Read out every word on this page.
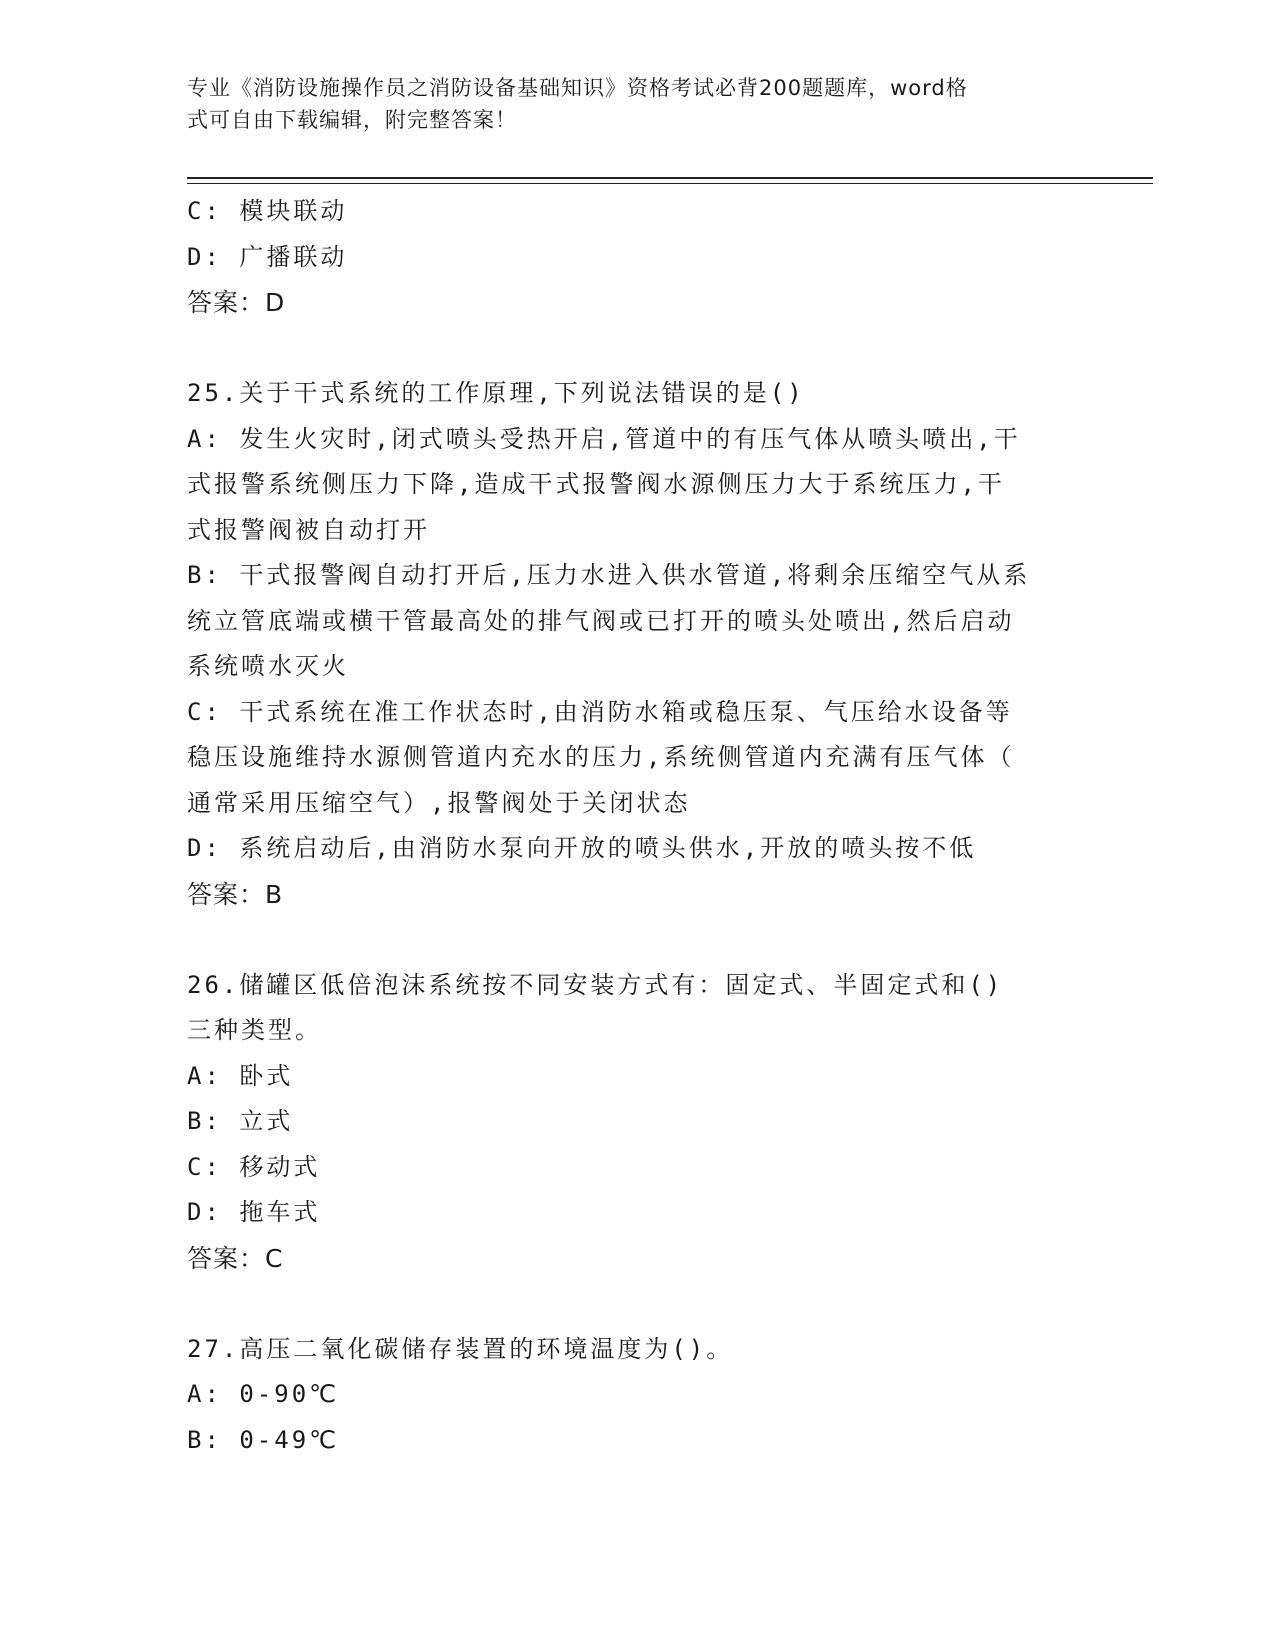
专业《消防设施操作员之消防设备基础知识》资格考试必背200题题库，word格
式可自由下载编辑，附完整答案！
C: 模块联动
D: 广播联动
答案：D
25.关于干式系统的工作原理,下列说法错误的是()
A: 发生火灾时,闭式喷头受热开启,管道中的有压气体从喷头喷出,干
式报警系统侧压力下降,造成干式报警阀水源侧压力大于系统压力,干
式报警阀被自动打开
B: 干式报警阀自动打开后,压力水进入供水管道,将剩余压缩空气从系
统立管底端或横干管最高处的排气阀或已打开的喷头处喷出,然后启动
系统喷水灭火
C: 干式系统在准工作状态时,由消防水箱或稳压泵、气压给水设备等
稳压设施维持水源侧管道内充水的压力,系统侧管道内充满有压气体（
通常采用压缩空气）,报警阀处于关闭状态
D: 系统启动后,由消防水泵向开放的喷头供水,开放的喷头按不低
答案：B
26.储罐区低倍泡沫系统按不同安装方式有：固定式、半固定式和()
三种类型。
A: 卧式
B: 立式
C: 移动式
D: 拖车式
答案：C
27.高压二氧化碳储存装置的环境温度为()。
A: 0-90℃
B: 0-49℃
